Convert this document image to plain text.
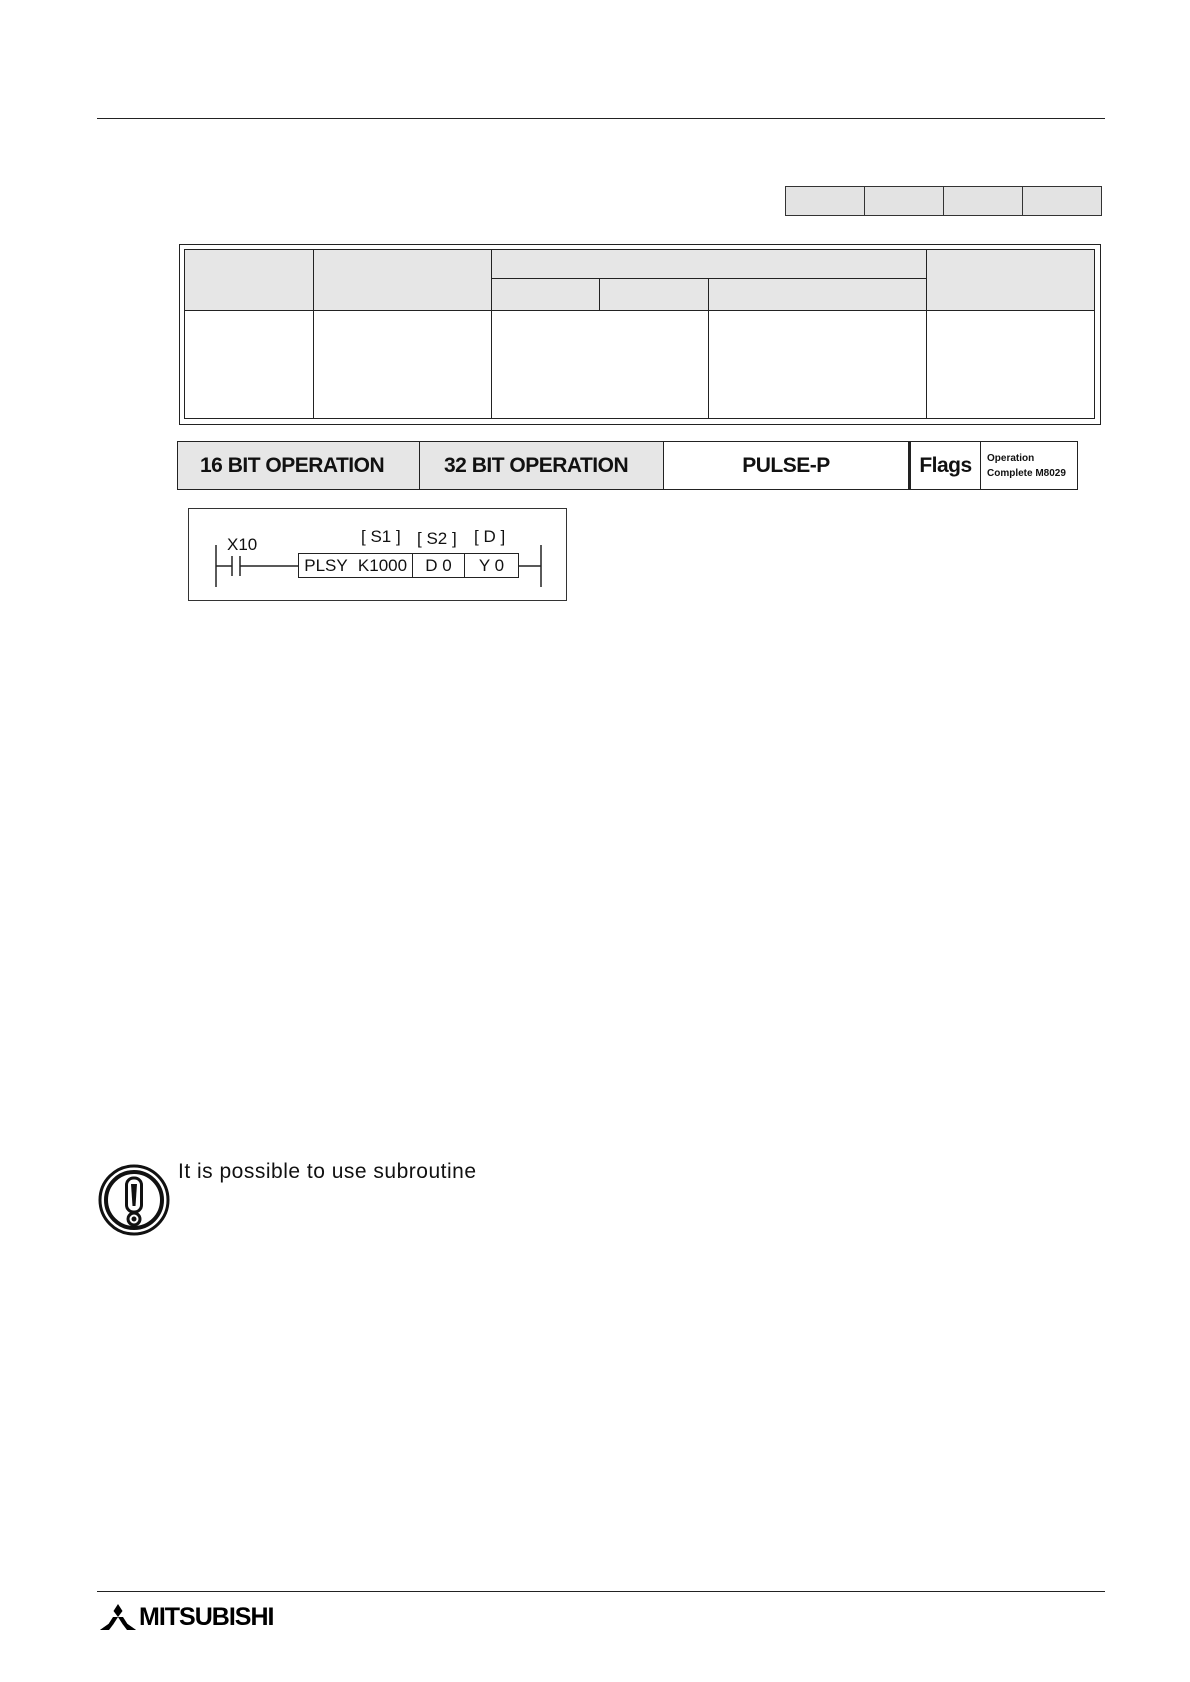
16 BIT OPERATION	32 BIT OPERATION	PULSE-P	Flags Operation
Complete M8029
X10	[ S1 ] [ S2 ] [ D ]
PLSY K1000 D 0 Y 0
It is possible to use subroutine
MITSUBISHI
